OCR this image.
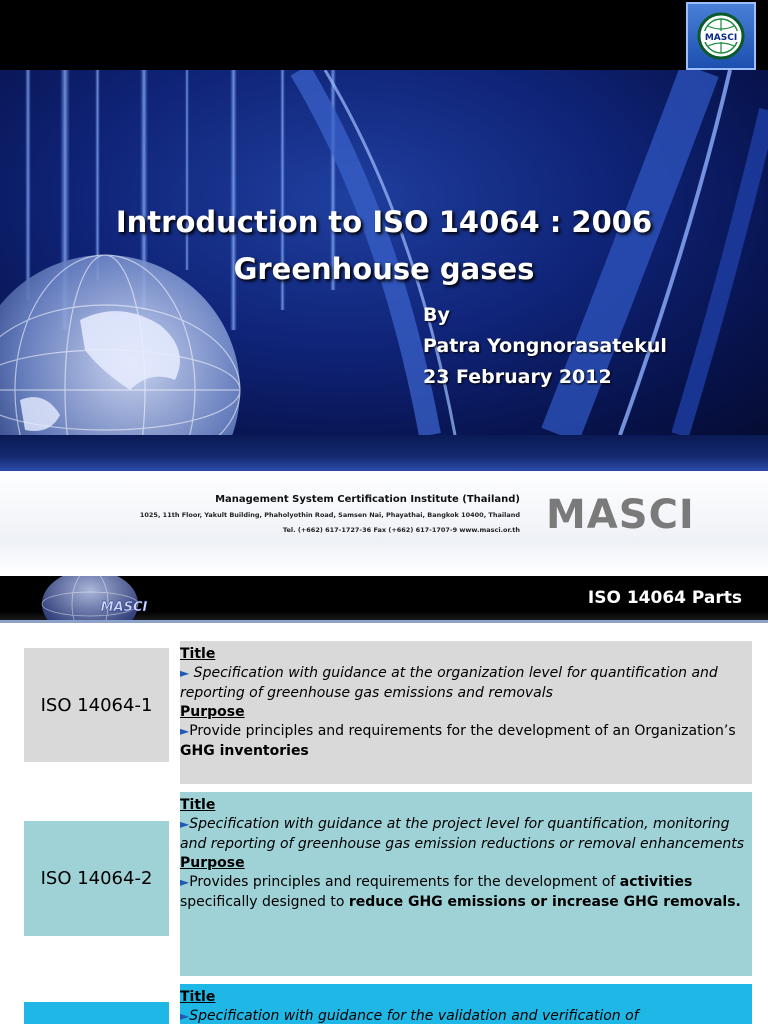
MASCI
Introduction to ISO 14064 : 2006
Greenhouse gases
By
Patra Yongnorasatekul
23 February 2012
Management System Certification Institute (Thailand)
1025, 11th Floor, Yakult Building, Phaholyothin Road, Samsen Nai, Phayathai, Bangkok 10400, Thailand
Tel. (+662) 617-1727-36 Fax (+662) 617-1707-9 www.masci.or.th MASCI
MASCI	ISO 14064 Parts
ISO 14064-1
Title
► Specification with guidance at the organization level for quantification and reporting of greenhouse gas emissions and removals
Purpose
►Provide principles and requirements for the development of an Organization’s GHG inventories
ISO 14064-2
Title
►Specification with guidance at the project level for quantification, monitoring and reporting of greenhouse gas emission reductions or removal enhancements
Purpose
►Provides principles and requirements for the development of activities specifically designed to reduce GHG emissions or increase GHG removals.
Title
►Specification with guidance for the validation and verification of
